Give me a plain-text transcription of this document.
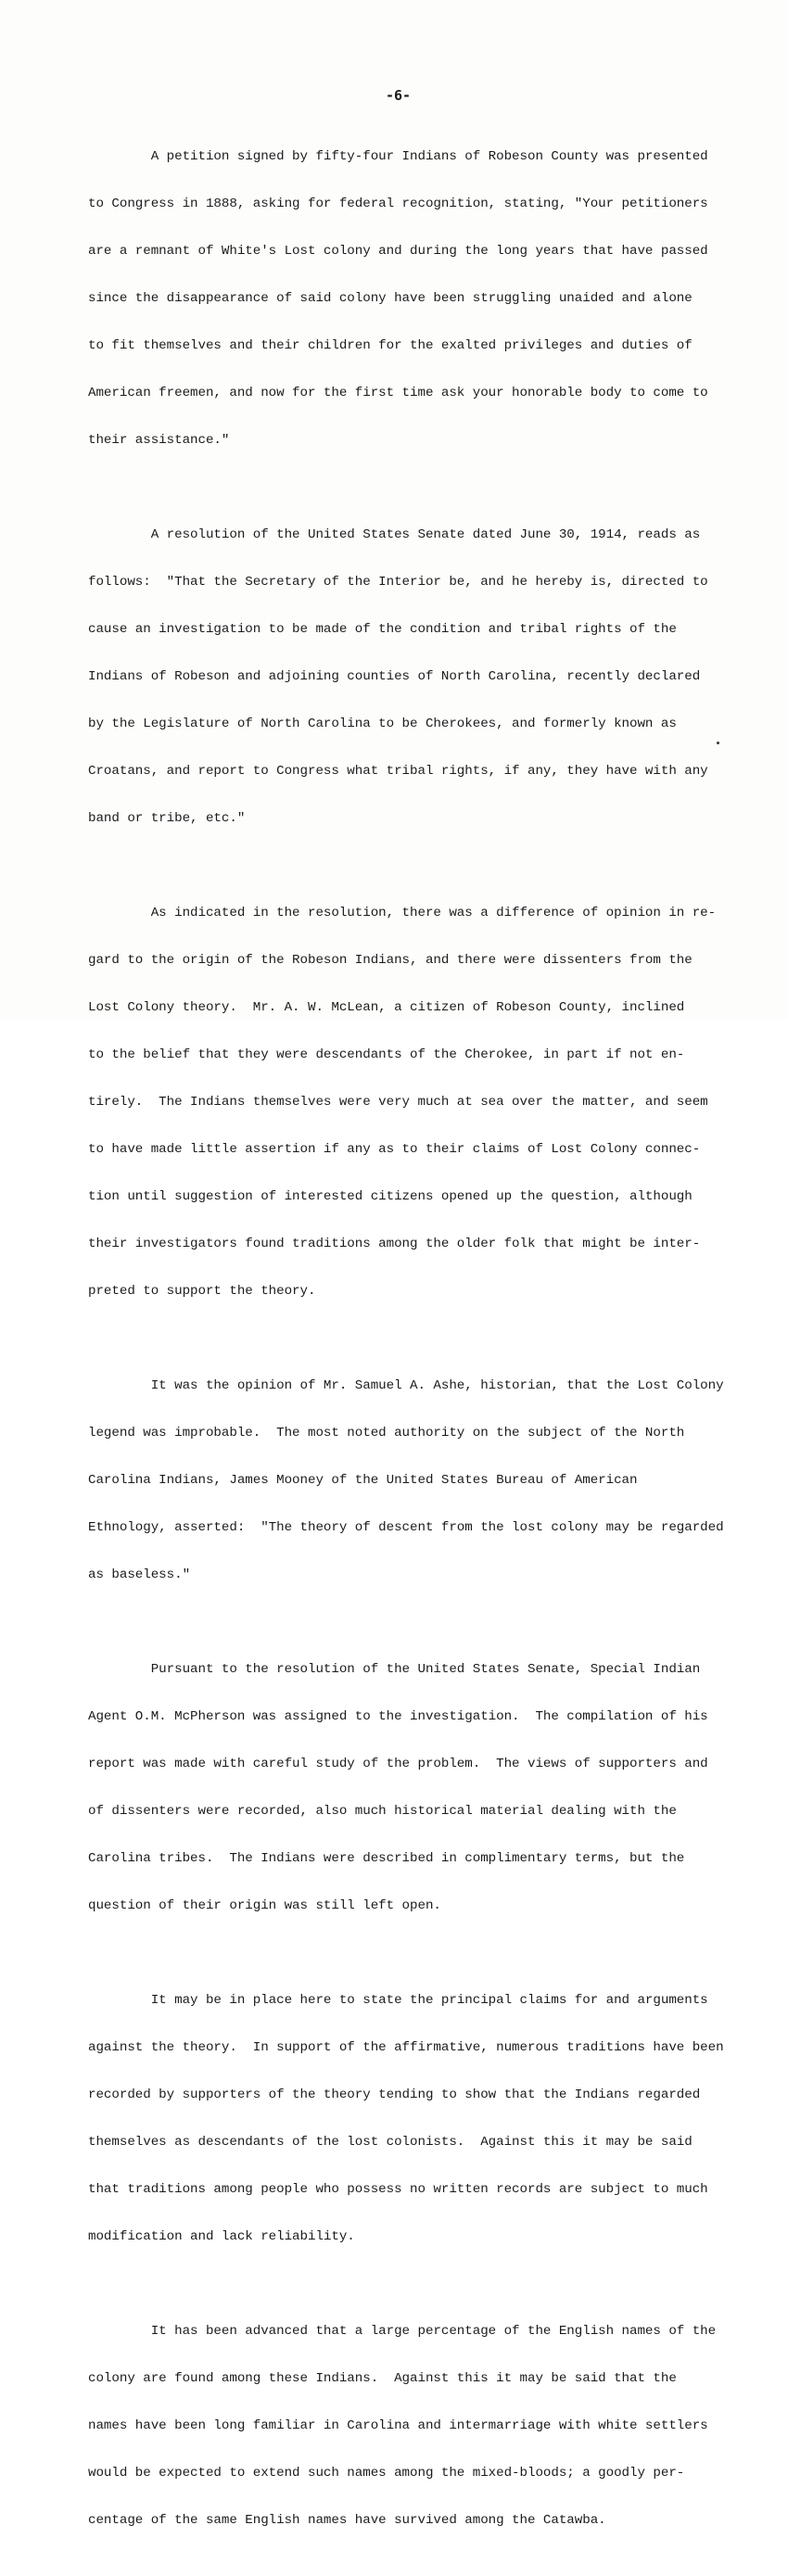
-6-

A petition signed by fifty-four Indians of Robeson County was presented

to Congress in 1888, asking for federal recognition, stating, "Your petitioners

are a remnant of White's Lost colony and during the long years that have passed

since the disappearance of said colony have been struggling unaided and alone

to fit themselves and their children for the exalted privileges and duties of

American freemen, and now for the first time ask your honorable body to come to

their assistance."

A resolution of the United States Senate dated June 30, 1914, reads as

follows:  "That the Secretary of the Interior be, and he hereby is, directed to

cause an investigation to be made of the condition and tribal rights of the

Indians of Robeson and adjoining counties of North Carolina, recently declared

by the Legislature of North Carolina to be Cherokees, and formerly known as

Croatans, and report to Congress what tribal rights, if any, they have with any

band or tribe, etc."

As indicated in the resolution, there was a difference of opinion in re-

gard to the origin of the Robeson Indians, and there were dissenters from the

Lost Colony theory.  Mr. A. W. McLean, a citizen of Robeson County, inclined

to the belief that they were descendants of the Cherokee, in part if not en-

tirely.  The Indians themselves were very much at sea over the matter, and seem

to have made little assertion if any as to their claims of Lost Colony connec-

tion until suggestion of interested citizens opened up the question, although

their investigators found traditions among the older folk that might be inter-

preted to support the theory.

It was the opinion of Mr. Samuel A. Ashe, historian, that the Lost Colony

legend was improbable.  The most noted authority on the subject of the North

Carolina Indians, James Mooney of the United States Bureau of American

Ethnology, asserted:  "The theory of descent from the lost colony may be regarded

as baseless."

Pursuant to the resolution of the United States Senate, Special Indian

Agent O.M. McPherson was assigned to the investigation.  The compilation of his

report was made with careful study of the problem.  The views of supporters and

of dissenters were recorded, also much historical material dealing with the

Carolina tribes.  The Indians were described in complimentary terms, but the

question of their origin was still left open.

It may be in place here to state the principal claims for and arguments

against the theory.  In support of the affirmative, numerous traditions have been

recorded by supporters of the theory tending to show that the Indians regarded

themselves as descendants of the lost colonists.  Against this it may be said

that traditions among people who possess no written records are subject to much

modification and lack reliability.

It has been advanced that a large percentage of the English names of the

colony are found among these Indians.  Against this it may be said that the

names have been long familiar in Carolina and intermarriage with white settlers

would be expected to extend such names among the mixed-bloods; a goodly per-

centage of the same English names have survived among the Catawba.
